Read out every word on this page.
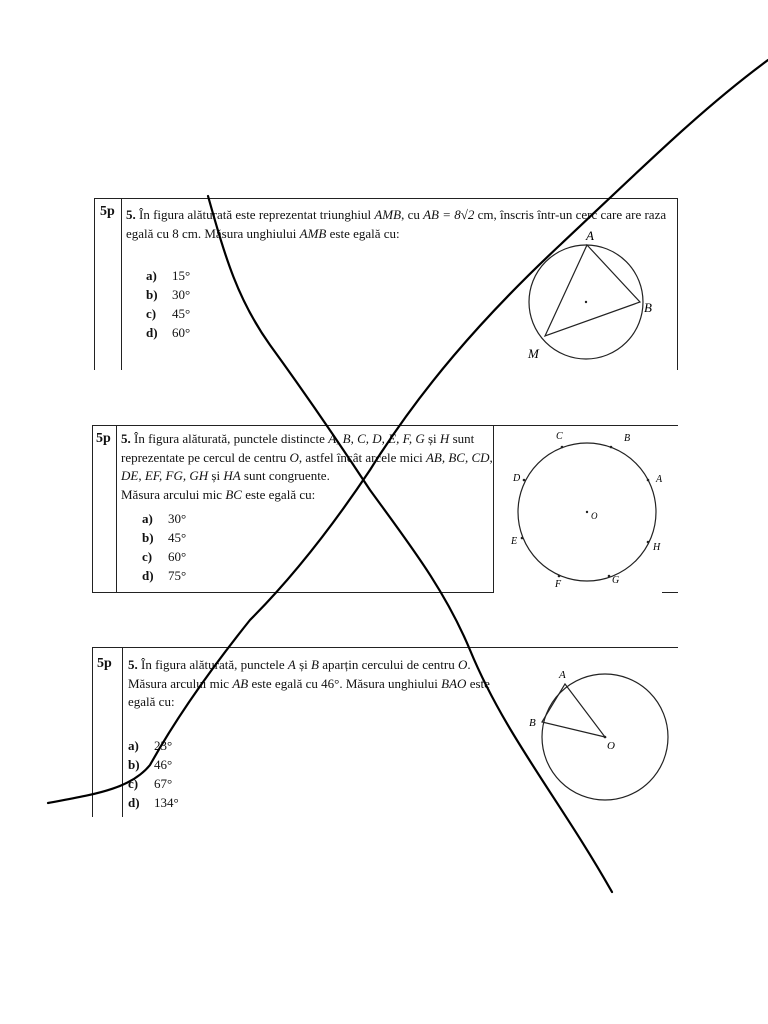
5p 5. În figura alăturată este reprezentat triunghiul AMB, cu AB = 8√2 cm, înscris într-un cerc care are raza egală cu 8 cm. Măsura unghiului AMB este egală cu:
a) 15°
b) 30°
c) 45°
d) 60°
A
B
M
5p 5. În figura alăturată, punctele distincte A, B, C, D, E, F, G și H sunt reprezentate pe cercul de centru O, astfel încât arcele mici AB, BC, CD, DE, EF, FG, GH și HA sunt congruente.
Măsura arcului mic BC este egală cu:
a) 30°
b) 45°
c) 60°
d) 75°
C	B
D	A
O
E
H
F	G
5p 5. În figura alăturată, punctele A și B aparțin cercului de centru O. Măsura arcului mic AB este egală cu 46°. Măsura unghiului BAO este egală cu:
a) 23°
b) 46°
c) 67°
d) 134°
A
B
O
